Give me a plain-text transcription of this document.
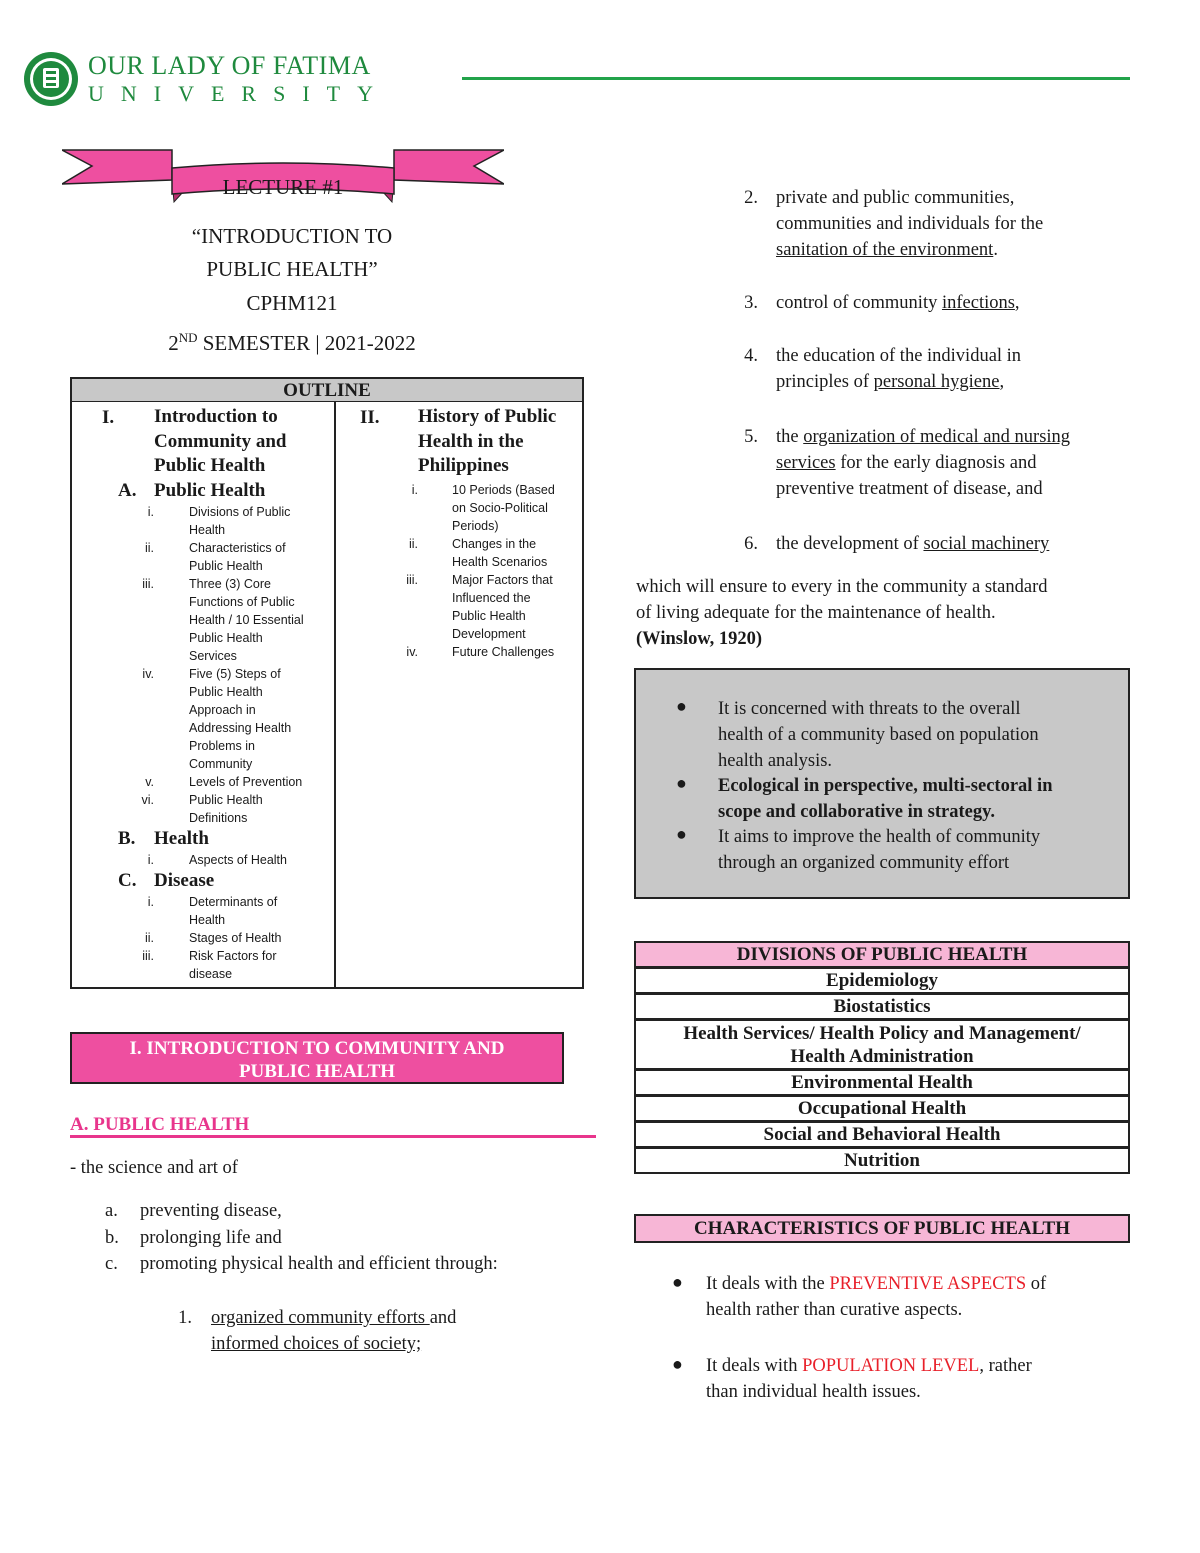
OUR LADY OF FATIMA
UNIVERSITY
LECTURE #1
“INTRODUCTION TO
PUBLIC HEALTH”
CPHM121
2ND SEMESTER | 2021-2022
OUTLINE
I. Introduction to
Community and
Public Health
A. Public Health
i.	Divisions of Public
Health
ii.	Characteristics of
Public Health
iii.	Three (3) Core
Functions of Public
Health / 10 Essential
Public Health
Services
iv.	Five (5) Steps of
Public Health
Approach in
Addressing Health
Problems in
Community
v.	Levels of Prevention
vi.	Public Health
Definitions
B. Health
i.	Aspects of Health
C. Disease
i.	Determinants of
Health
ii.	Stages of Health
iii.	Risk Factors for
disease
II. History of Public
Health in the
Philippines
i.	10 Periods (Based
on Socio-Political
Periods)
ii.	Changes in the
Health Scenarios
iii.	Major Factors that
Influenced the
Public Health
Development
iv.	Future Challenges
I. INTRODUCTION TO COMMUNITY AND
PUBLIC HEALTH
A. PUBLIC HEALTH
- the science and art of
a. preventing disease,
b. prolonging life and
c. promoting physical health and efficient through:
1. organized community efforts and
informed choices of society;
2. private and public communities,
communities and individuals for the
sanitation of the environment.
3. control of community infections,
4. the education of the individual in
principles of personal hygiene,
5. the organization of medical and nursing
services for the early diagnosis and
preventive treatment of disease, and
6. the development of social machinery
which will ensure to every in the community a standard
of living adequate for the maintenance of health.
(Winslow, 1920)
● It is concerned with threats to the overall
health of a community based on population
health analysis.
● Ecological in perspective, multi-sectoral in
scope and collaborative in strategy.
● It aims to improve the health of community
through an organized community effort
DIVISIONS OF PUBLIC HEALTH
Epidemiology
Biostatistics
Health Services/ Health Policy and Management/
Health Administration
Environmental Health
Occupational Health
Social and Behavioral Health
Nutrition
CHARACTERISTICS OF PUBLIC HEALTH
● It deals with the PREVENTIVE ASPECTS of
health rather than curative aspects.
● It deals with POPULATION LEVEL, rather
than individual health issues.
